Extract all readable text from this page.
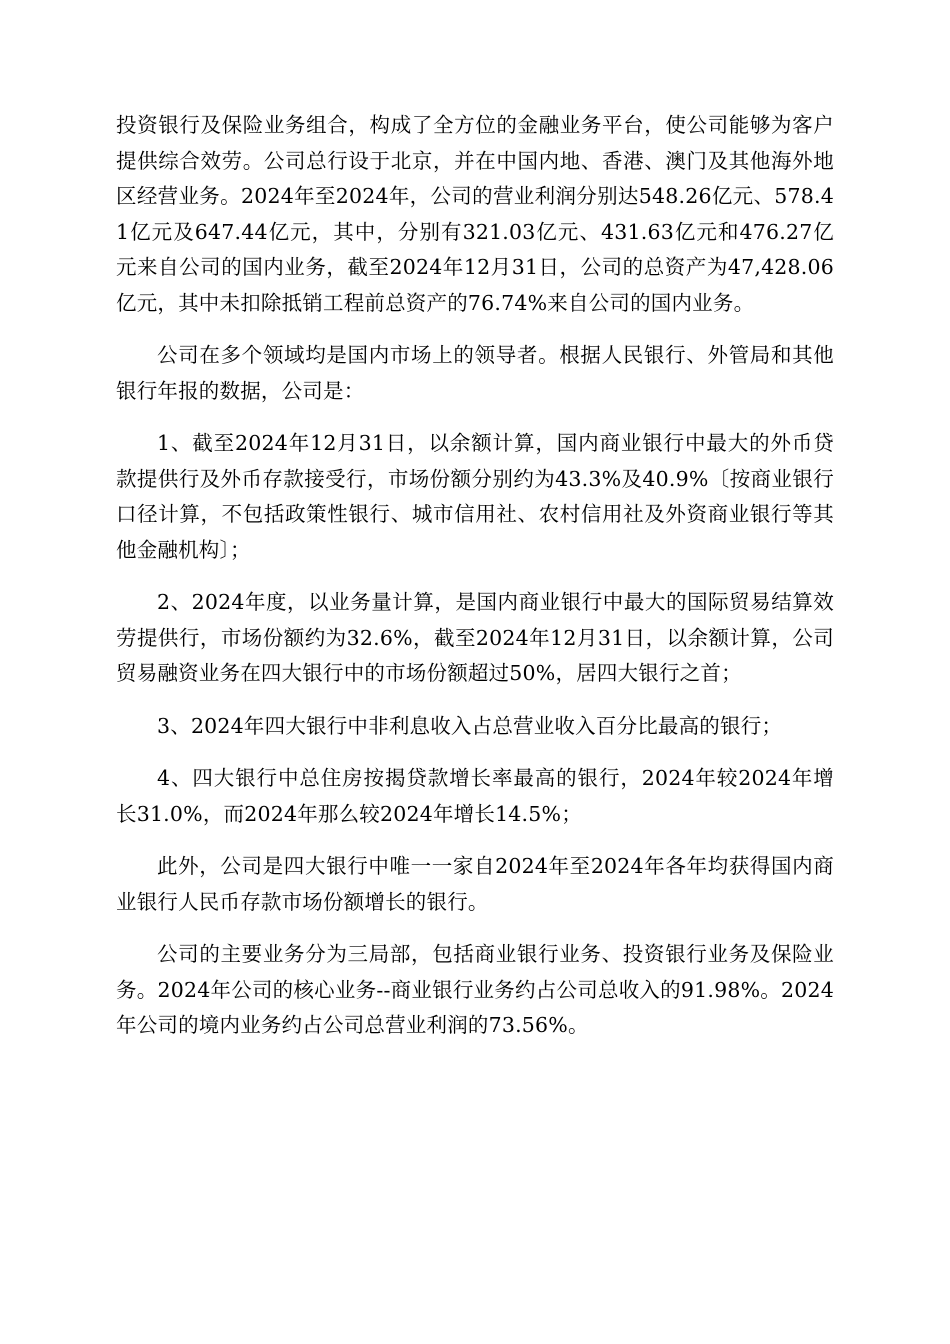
投资银行及保险业务组合，构成了全方位的金融业务平台，使公司能够为客户提供综合效劳。公司总行设于北京，并在中国内地、香港、澳门及其他海外地区经营业务。2024年至2024年，公司的营业利润分别达548.26亿元、578.41亿元及647.44亿元，其中，分别有321.03亿元、431.63亿元和476.27亿元来自公司的国内业务，截至2024年12月31日，公司的总资产为47,428.06亿元，其中未扣除抵销工程前总资产的76.74%来自公司的国内业务。

公司在多个领域均是国内市场上的领导者。根据人民银行、外管局和其他银行年报的数据，公司是：

1、截至2024年12月31日，以余额计算，国内商业银行中最大的外币贷款提供行及外币存款接受行，市场份额分别约为43.3%及40.9%〔按商业银行口径计算，不包括政策性银行、城市信用社、农村信用社及外资商业银行等其他金融机构〕；

2、2024年度，以业务量计算，是国内商业银行中最大的国际贸易结算效劳提供行，市场份额约为32.6%，截至2024年12月31日，以余额计算，公司贸易融资业务在四大银行中的市场份额超过50%，居四大银行之首；

3、2024年四大银行中非利息收入占总营业收入百分比最高的银行；

4、四大银行中总住房按揭贷款增长率最高的银行，2024年较2024年增长31.0%，而2024年那么较2024年增长14.5%；

此外，公司是四大银行中唯一一家自2024年至2024年各年均获得国内商业银行人民币存款市场份额增长的银行。

公司的主要业务分为三局部，包括商业银行业务、投资银行业务及保险业务。2024年公司的核心业务--商业银行业务约占公司总收入的91.98%。2024年公司的境内业务约占公司总营业利润的73.56%。
